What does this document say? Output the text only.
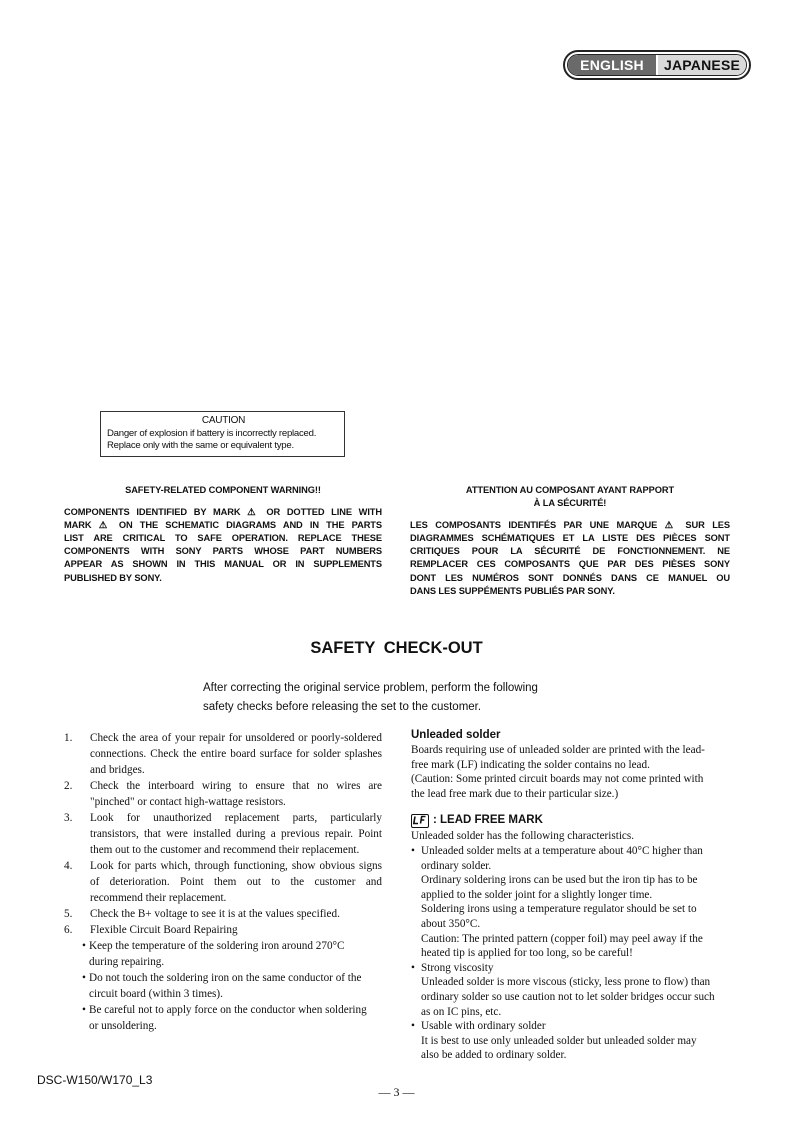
ENGLISH	JAPANESE
CAUTION
Danger of explosion if battery is incorrectly replaced.
Replace only with the same or equivalent type.
SAFETY-RELATED COMPONENT WARNING!!
COMPONENTS IDENTIFIED BY MARK ⚠ OR DOTTED LINE WITH
MARK ⚠ ON THE SCHEMATIC DIAGRAMS AND IN THE PARTS
LIST ARE CRITICAL TO SAFE OPERATION. REPLACE THESE
COMPONENTS WITH SONY PARTS WHOSE PART NUMBERS
APPEAR AS SHOWN IN THIS MANUAL OR IN SUPPLEMENTS
PUBLISHED BY SONY.
ATTENTION AU COMPOSANT AYANT RAPPORT
À LA SÉCURITÉ!
LES COMPOSANTS IDENTIFÉS PAR UNE MARQUE ⚠ SUR LES
DIAGRAMMES SCHÉMATIQUES ET LA LISTE DES PIÈCES SONT
CRITIQUES POUR LA SÉCURITÉ DE FONCTIONNEMENT. NE
REMPLACER CES COMPOSANTS QUE PAR DES PIÈSES SONY
DONT LES NUMÉROS SONT DONNÉS DANS CE MANUEL OU
DANS LES SUPPÉMENTS PUBLIÉS PAR SONY.
SAFETY CHECK-OUT
After correcting the original service problem, perform the following
safety checks before releasing the set to the customer.
1. Check the area of your repair for unsoldered or poorly-soldered
connections. Check the entire board surface for solder splashes
and bridges.
2. Check the interboard wiring to ensure that no wires are
"pinched" or contact high-wattage resistors.
3. Look for unauthorized replacement parts, particularly
transistors, that were installed during a previous repair. Point
them out to the customer and recommend their replacement.
4. Look for parts which, through functioning, show obvious signs
of deterioration. Point them out to the customer and
recommend their replacement.
5. Check the B+ voltage to see it is at the values specified.
6. Flexible Circuit Board Repairing
• Keep the temperature of the soldering iron around 270°C
during repairing.
• Do not touch the soldering iron on the same conductor of the
circuit board (within 3 times).
• Be careful not to apply force on the conductor when soldering
or unsoldering.
Unleaded solder
Boards requiring use of unleaded solder are printed with the lead-
free mark (LF) indicating the solder contains no lead.
(Caution: Some printed circuit boards may not come printed with
the lead free mark due to their particular size.)
: LEAD FREE MARK
Unleaded solder has the following characteristics.
• Unleaded solder melts at a temperature about 40°C higher than
ordinary solder.
Ordinary soldering irons can be used but the iron tip has to be
applied to the solder joint for a slightly longer time.
Soldering irons using a temperature regulator should be set to
about 350°C.
Caution: The printed pattern (copper foil) may peel away if the
heated tip is applied for too long, so be careful!
• Strong viscosity
Unleaded solder is more viscous (sticky, less prone to flow) than
ordinary solder so use caution not to let solder bridges occur such
as on IC pins, etc.
• Usable with ordinary solder
It is best to use only unleaded solder but unleaded solder may
also be added to ordinary solder.
DSC-W150/W170_L3
— 3 —
